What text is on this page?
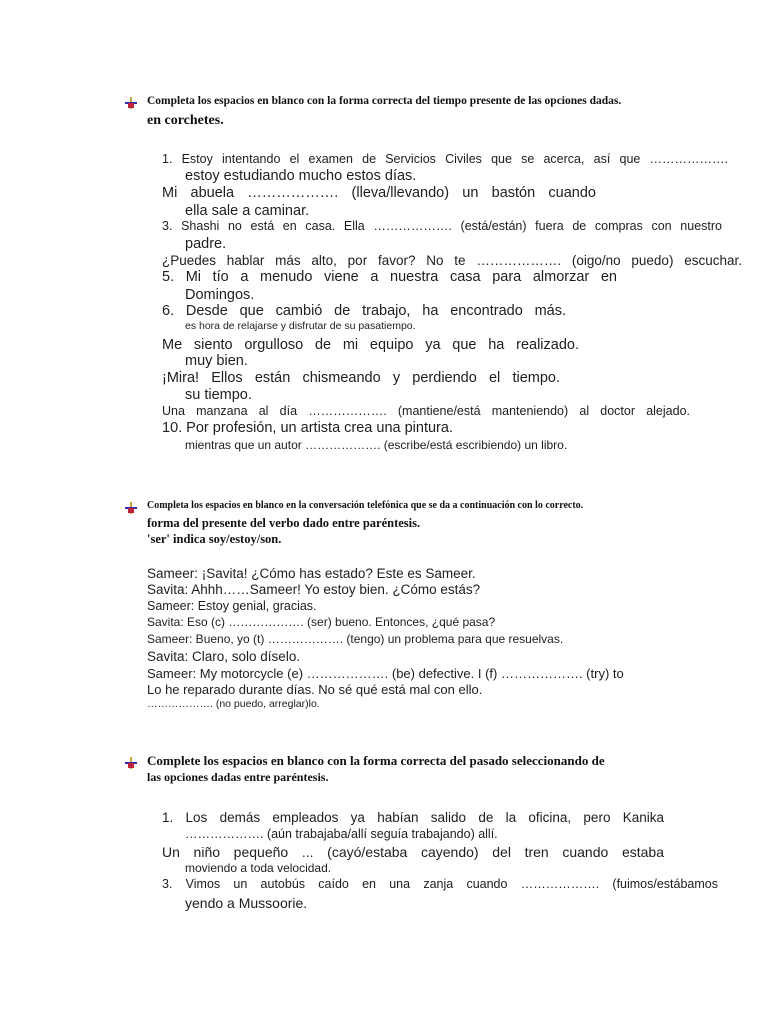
Completa los espacios en blanco con la forma correcta del tiempo presente de las opciones dadas.
en corchetes.
1. Estoy intentando el examen de Servicios Civiles que se acerca, así que ……………….
estoy estudiando mucho estos días.
Mi abuela ………………. (lleva/llevando) un bastón cuando
ella sale a caminar.
3. Shashi no está en casa. Ella ………………. (está/están) fuera de compras con nuestro
padre.
¿Puedes hablar más alto, por favor? No te ………………. (oigo/no puedo) escuchar.
5. Mi tío a menudo viene a nuestra casa para almorzar en
Domingos.
6. Desde que cambió de trabajo, ha encontrado más.
es hora de relajarse y disfrutar de su pasatiempo.
Me siento orgulloso de mi equipo ya que ha realizado.
muy bien.
¡Mira! Ellos están chismeando y perdiendo el tiempo.
su tiempo.
Una manzana al día ………………. (mantiene/está manteniendo) al doctor alejado.
10. Por profesión, un artista crea una pintura.
mientras que un autor ………………. (escribe/está escribiendo) un libro.
Completa los espacios en blanco en la conversación telefónica que se da a continuación con lo correcto.
forma del presente del verbo dado entre paréntesis.
'ser' indica soy/estoy/son.
Sameer: ¡Savita! ¿Cómo has estado? Este es Sameer.
Savita: Ahhh……Sameer! Yo estoy bien. ¿Cómo estás?
Sameer: Estoy genial, gracias.
Savita: Eso (c) ………………. (ser) bueno. Entonces, ¿qué pasa?
Sameer: Bueno, yo (t) ………………. (tengo) un problema para que resuelvas.
Savita: Claro, solo díselo.
Sameer: My motorcycle (e) ………………. (be) defective. I (f) ………………. (try) to
Lo he reparado durante días. No sé qué está mal con ello.
………………. (no puedo, arreglar)lo.
Complete los espacios en blanco con la forma correcta del pasado seleccionando de
las opciones dadas entre paréntesis.
1. Los demás empleados ya habían salido de la oficina, pero Kanika
………………. (aún trabajaba/allí seguía trabajando) allí.
Un niño pequeño ... (cayó/estaba cayendo) del tren cuando estaba
moviendo a toda velocidad.
3. Vimos un autobús caído en una zanja cuando ………………. (fuimos/estábamos
yendo a Mussoorie.
